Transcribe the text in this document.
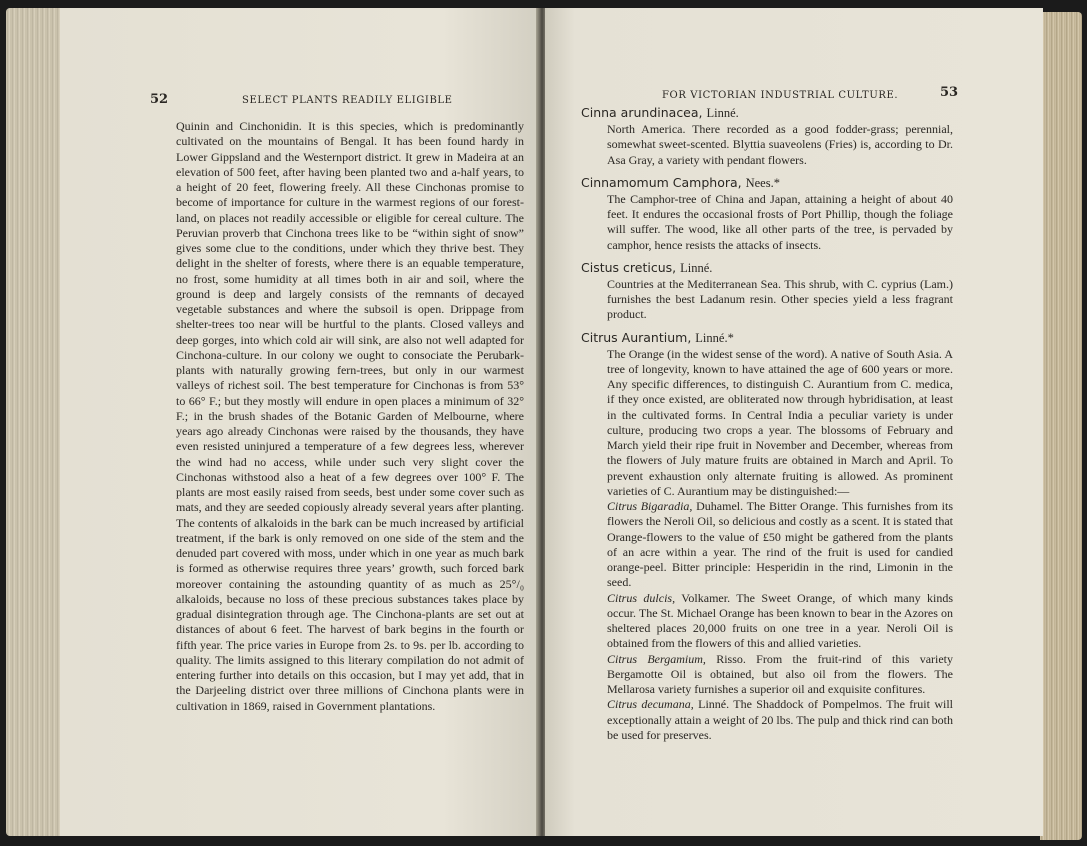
52	SELECT PLANTS READILY ELIGIBLE

Quinin and Cinchonidin. It is this species, which is predominantly cultivated on the mountains of Bengal. It has been found hardy in Lower Gippsland and the Westernport district. It grew in Madeira at an elevation of 500 feet, after having been planted two and a-half years, to a height of 20 feet, flowering freely. All these Cinchonas promise to become of importance for culture in the warmest regions of our forest-land, on places not readily accessible or eligible for cereal culture. The Peruvian proverb that Cinchona trees like to be “within sight of snow” gives some clue to the conditions, under which they thrive best. They delight in the shelter of forests, where there is an equable temperature, no frost, some humidity at all times both in air and soil, where the ground is deep and largely consists of the remnants of decayed vegetable substances and where the subsoil is open. Drippage from shelter-trees too near will be hurtful to the plants. Closed valleys and deep gorges, into which cold air will sink, are also not well adapted for Cinchona-culture. In our colony we ought to consociate the Perubark-plants with naturally growing fern-trees, but only in our warmest valleys of richest soil. The best temperature for Cinchonas is from 53° to 66° F.; but they mostly will endure in open places a minimum of 32° F.; in the brush shades of the Botanic Garden of Melbourne, where years ago already Cinchonas were raised by the thousands, they have even resisted uninjured a temperature of a few degrees less, wherever the wind had no access, while under such very slight cover the Cinchonas withstood also a heat of a few degrees over 100° F. The plants are most easily raised from seeds, best under some cover such as mats, and they are seeded copiously already several years after planting. The contents of alkaloids in the bark can be much increased by artificial treatment, if the bark is only removed on one side of the stem and the denuded part covered with moss, under which in one year as much bark is formed as otherwise requires three years’ growth, such forced bark moreover containing the astounding quantity of as much as 25°/₀ alkaloids, because no loss of these precious substances takes place by gradual disintegration through age. The Cinchona-plants are set out at distances of about 6 feet. The harvest of bark begins in the fourth or fifth year. The price varies in Europe from 2s. to 9s. per lb. according to quality. The limits assigned to this literary compilation do not admit of entering further into details on this occasion, but I may yet add, that in the Darjeeling district over three millions of Cinchona plants were in cultivation in 1869, raised in Government plantations.

FOR VICTORIAN INDUSTRIAL CULTURE.	53
Cinna arundinacea, Linné.
North America. There recorded as a good fodder-grass; perennial, somewhat sweet-scented. Blyttia suaveolens (Fries) is, according to Dr. Asa Gray, a variety with pendant flowers.
Cinnamomum Camphora, Nees.*
The Camphor-tree of China and Japan, attaining a height of about 40 feet. It endures the occasional frosts of Port Phillip, though the foliage will suffer. The wood, like all other parts of the tree, is pervaded by camphor, hence resists the attacks of insects.
Cistus creticus, Linné.
Countries at the Mediterranean Sea. This shrub, with C. cyprius (Lam.) furnishes the best Ladanum resin. Other species yield a less fragrant product.
Citrus Aurantium, Linné.*
The Orange (in the widest sense of the word). A native of South Asia. A tree of longevity, known to have attained the age of 600 years or more. Any specific differences, to distinguish C. Aurantium from C. medica, if they once existed, are obliterated now through hybridisation, at least in the cultivated forms. In Central India a peculiar variety is under culture, producing two crops a year. The blossoms of February and March yield their ripe fruit in November and December, whereas from the flowers of July mature fruits are obtained in March and April. To prevent exhaustion only alternate fruiting is allowed. As prominent varieties of C. Aurantium may be distinguished:—
Citrus Bigaradia, Duhamel. The Bitter Orange. This furnishes from its flowers the Neroli Oil, so delicious and costly as a scent. It is stated that Orange-flowers to the value of £50 might be gathered from the plants of an acre within a year. The rind of the fruit is used for candied orange-peel. Bitter principle: Hesperidin in the rind, Limonin in the seed.
Citrus dulcis, Volkamer. The Sweet Orange, of which many kinds occur. The St. Michael Orange has been known to bear in the Azores on sheltered places 20,000 fruits on one tree in a year. Neroli Oil is obtained from the flowers of this and allied varieties.
Citrus Bergamium, Risso. From the fruit-rind of this variety Bergamotte Oil is obtained, but also oil from the flowers. The Mellarosa variety furnishes a superior oil and exquisite confitures.
Citrus decumana, Linné. The Shaddock of Pompelmos. The fruit will exceptionally attain a weight of 20 lbs. The pulp and thick rind can both be used for preserves.
